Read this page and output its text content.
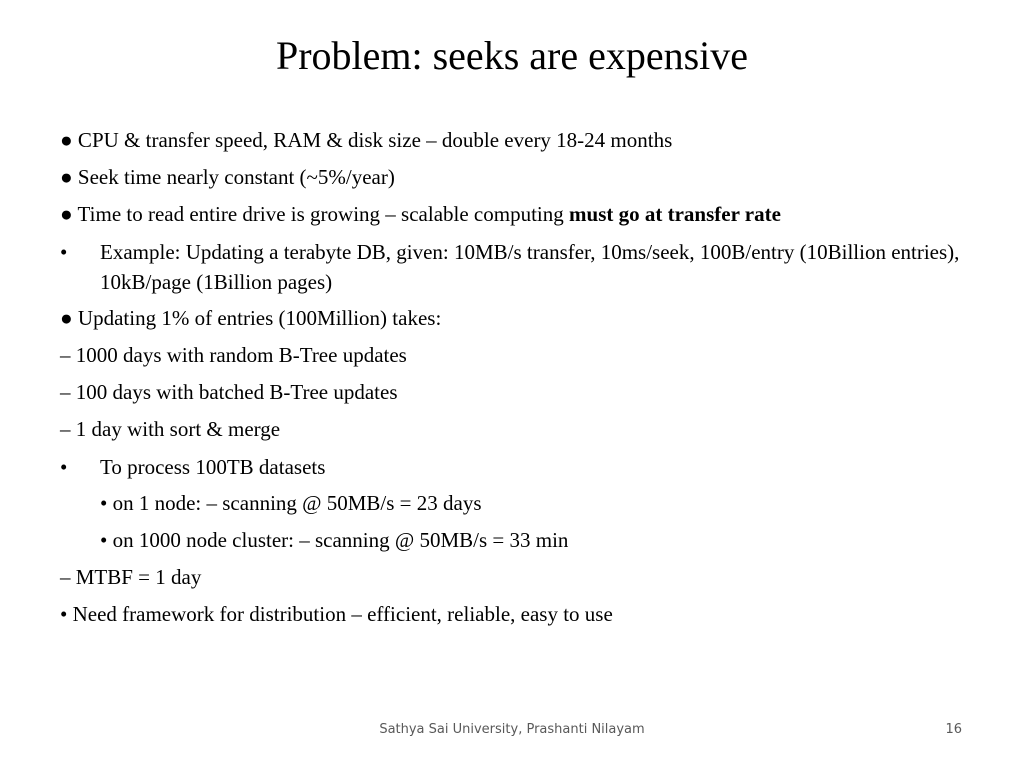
Problem: seeks are expensive
● CPU & transfer speed, RAM & disk size – double every 18-24 months
● Seek time nearly constant (~5%/year)
● Time to read entire drive is growing – scalable computing must go at transfer rate
• Example: Updating a terabyte DB, given: 10MB/s transfer, 10ms/seek, 100B/entry (10Billion entries), 10kB/page (1Billion pages)
● Updating 1% of entries (100Million) takes:
– 1000 days with random B-Tree updates
– 100 days with batched B-Tree updates
– 1 day with sort & merge
• To process 100TB datasets
• on 1 node: – scanning @ 50MB/s = 23 days
• on 1000 node cluster: – scanning @ 50MB/s = 33 min
– MTBF = 1 day
• Need framework for distribution – efficient, reliable, easy to use
Sathya Sai University, Prashanti Nilayam	16
